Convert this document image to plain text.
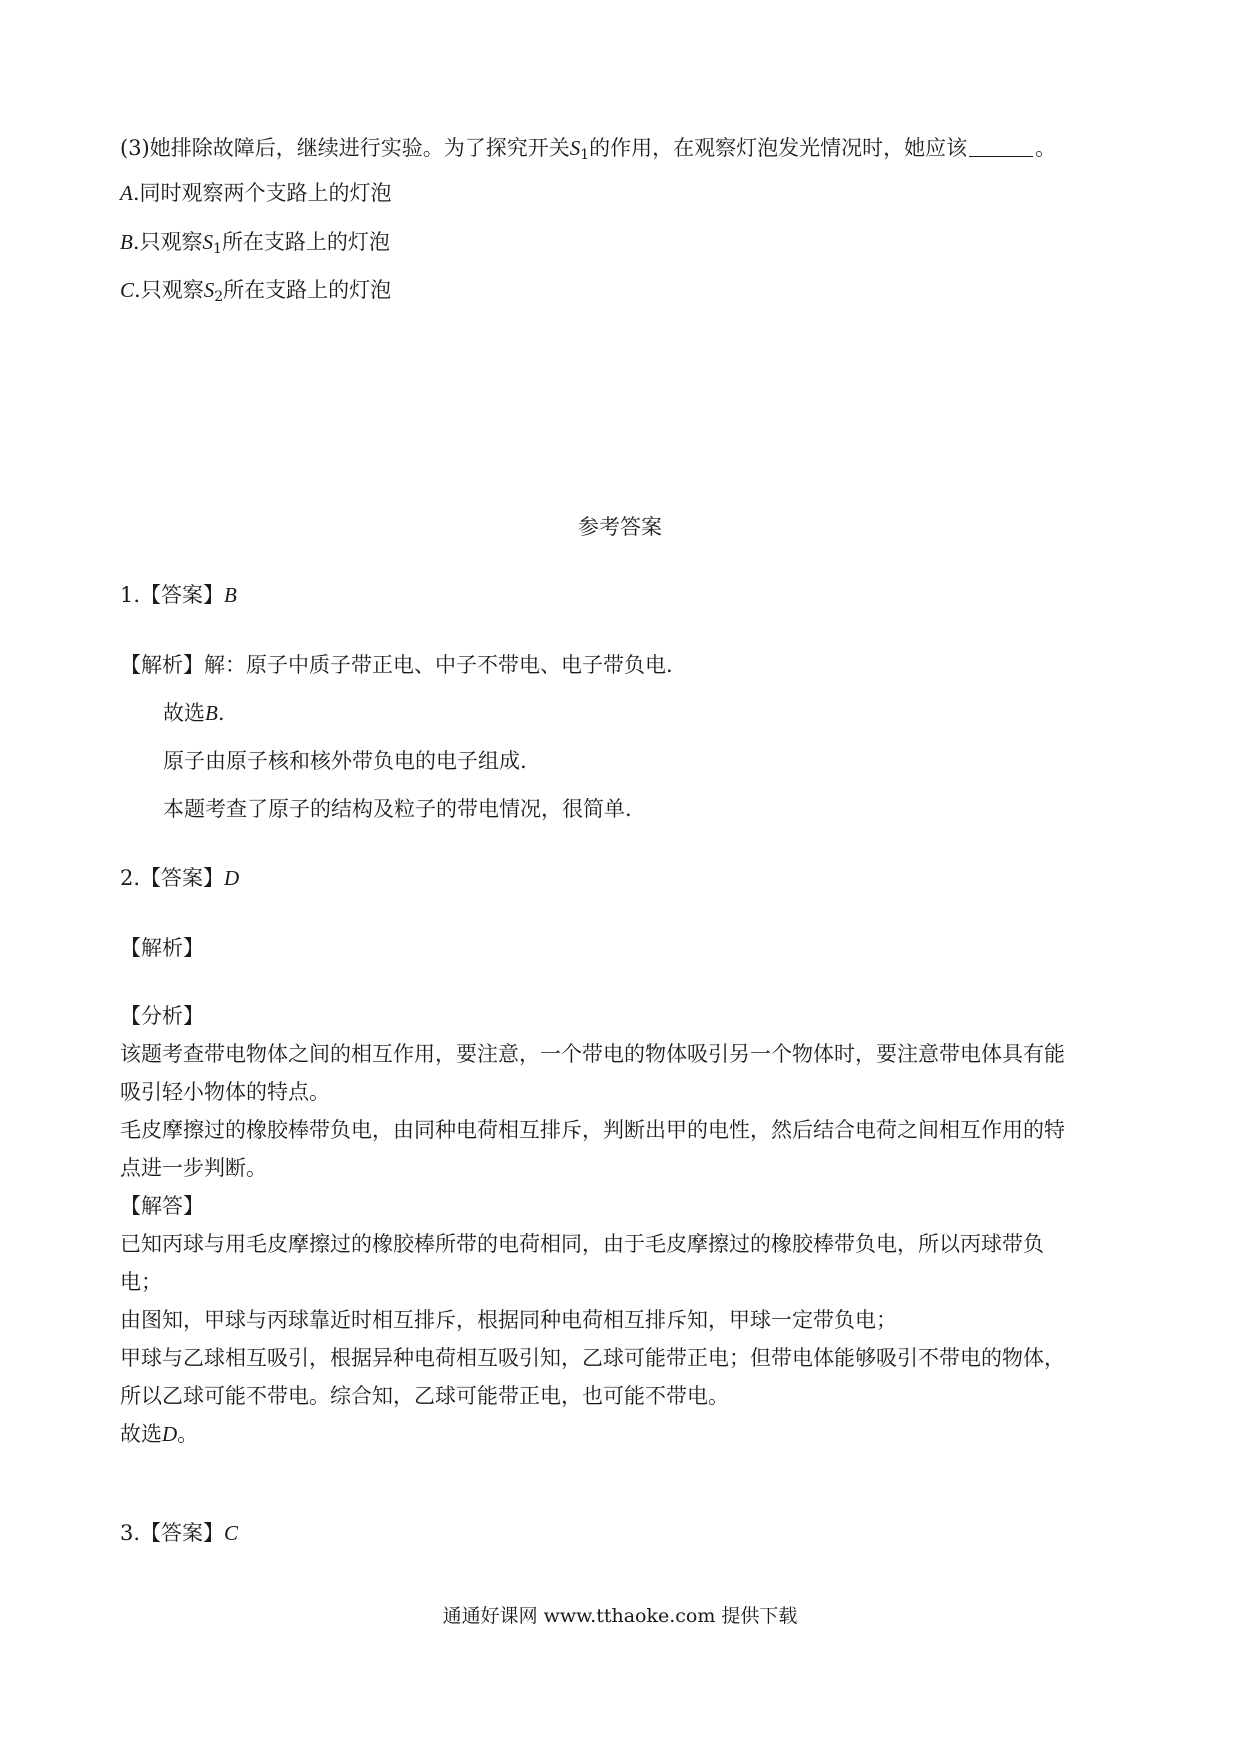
(3)她排除故障后，继续进行实验。为了探究开关$S_1$的作用，在观察灯泡发光情况时，她应该	。
A.同时观察两个支路上的灯泡
B.只观察$S_1$所在支路上的灯泡
C.只观察$S_2$所在支路上的灯泡
参考答案
1.【答案】B
【解析】解：原子中质子带正电、中子不带电、电子带负电.
故选B.
原子由原子核和核外带负电的电子组成.
本题考查了原子的结构及粒子的带电情况，很简单.
2.【答案】D
【解析】
【分析】
该题考查带电物体之间的相互作用，要注意，一个带电的物体吸引另一个物体时，要注意带电体具有能
吸引轻小物体的特点。
毛皮摩擦过的橡胶棒带负电，由同种电荷相互排斥，判断出甲的电性，然后结合电荷之间相互作用的特
点进一步判断。
【解答】
已知丙球与用毛皮摩擦过的橡胶棒所带的电荷相同，由于毛皮摩擦过的橡胶棒带负电，所以丙球带负
电；
由图知，甲球与丙球靠近时相互排斥，根据同种电荷相互排斥知，甲球一定带负电；
甲球与乙球相互吸引，根据异种电荷相互吸引知，乙球可能带正电；但带电体能够吸引不带电的物体，
所以乙球可能不带电。综合知，乙球可能带正电，也可能不带电。
故选D。
3.【答案】C
通通好课网 www.tthaoke.com 提供下载
